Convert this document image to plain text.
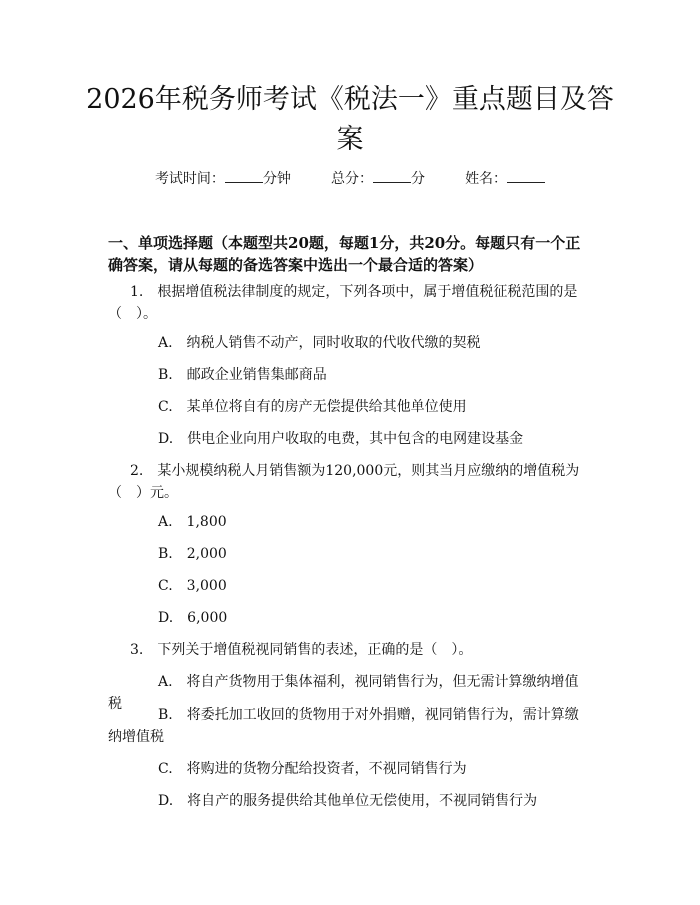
2026年税务师考试《税法一》重点题目及答案
考试时间：	分钟	总分：	分	姓名：
一、单项选择题（本题型共20题，每题1分，共20分。每题只有一个正确答案，请从每题的备选答案中选出一个最合适的答案）
1.　根据增值税法律制度的规定，下列各项中，属于增值税征税范围的是（　）。
A.　纳税人销售不动产，同时收取的代收代缴的契税
B.　邮政企业销售集邮商品
C.　某单位将自有的房产无偿提供给其他单位使用
D.　供电企业向用户收取的电费，其中包含的电网建设基金
2.　某小规模纳税人月销售额为120,000元，则其当月应缴纳的增值税为（　）元。
A.　1,800
B.　2,000
C.　3,000
D.　6,000
3.　下列关于增值税视同销售的表述，正确的是（　）。
A.　将自产货物用于集体福利，视同销售行为，但无需计算缴纳增值税
B.　将委托加工收回的货物用于对外捐赠，视同销售行为，需计算缴纳增值税
C.　将购进的货物分配给投资者，不视同销售行为
D.　将自产的服务提供给其他单位无偿使用，不视同销售行为
